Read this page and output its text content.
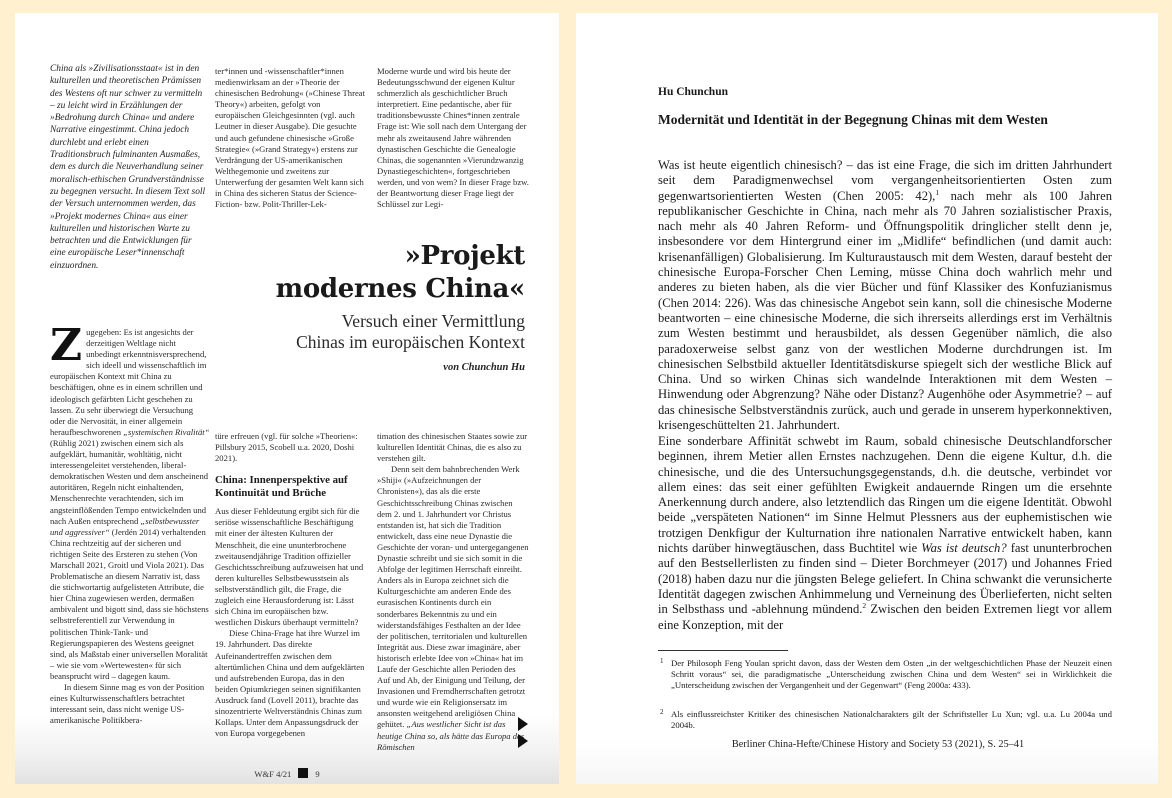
China als »Zivilisationsstaat« ist in den kulturellen und theoretischen Prämissen des Westens oft nur schwer zu vermitteln – zu leicht wird in Erzählungen der »Bedrohung durch China« und andere Narrative eingestimmt. China jedoch durchlebt und erlebt einen Traditionsbruch fulminanten Ausmaßes, dem es durch die Neuverhandlung seiner moralisch-ethischen Grundverständnisse zu begegnen versucht. In diesem Text soll der Versuch unternommen werden, das »Projekt modernes China« aus einer kulturellen und historischen Warte zu betrachten und die Entwicklungen für eine europäische Leser*innenschaft einzuordnen.
ter*innen und -wissenschaftler*innen medienwirksam an der »Theorie der chinesischen Bedrohung« (»Chinese Threat Theory«) arbeiten, gefolgt von europäischen Gleichgesinnten (vgl. auch Leutner in dieser Ausgabe). Die gesuchte und auch gefundene chinesische »Große Strategie« (»Grand Strategy«) erstens zur Verdrängung der US-amerikanischen Welthegemonie und zweitens zur Unterwerfung der gesamten Welt kann sich in China des sicheren Status der Science-Fiction- bzw. Polit-Thriller-Lek-
Moderne wurde und wird bis heute der Bedeutungsschwund der eigenen Kultur schmerzlich als geschichtlicher Bruch interpretiert. Eine pedantische, aber für traditionsbewusste Chines*innen zentrale Frage ist: Wie soll nach dem Untergang der mehr als zweitausend Jahre währenden dynastischen Geschichte die Genealogie Chinas, die sogenannten »Vierundzwanzig Dynastiegeschichten«, fortgeschrieben werden, und von wem? In dieser Frage bzw. der Beantwortung dieser Frage liegt der Schlüssel zur Legi-
»Projekt
modernes China«
Versuch einer Vermittlung
Chinas im europäischen Kontext
von Chunchun Hu

Zugegeben: Es ist angesichts der derzeitigen Weltlage nicht unbedingt erkenntnisversprechend, sich ideell und wissenschaftlich im europäischen Kontext mit China zu beschäftigen, ohne es in einem schrillen und ideologisch gefärbten Licht geschehen zu lassen. Zu sehr überwiegt die Versuchung oder die Nervosität, in einer allgemein heraufbeschworenen „systemischen Rivalität“ (Rühlig 2021) zwischen einem sich als aufgeklärt, humanitär, wohltätig, nicht interessengeleitet verstehenden, liberal-demokratischen Westen und dem anscheinend autoritären, Regeln nicht einhaltenden, Menschenrechte verachtenden, sich im angsteinflößenden Tempo entwickelnden und nach Außen entsprechend „selbstbewusster und aggressiver“ (Jerdén 2014) verhaltenden China rechtzeitig auf der sicheren und richtigen Seite des Ersteren zu stehen (Von Marschall 2021, Groitl und Viola 2021). Das Problematische an diesem Narrativ ist, dass die stichwortartig aufgelisteten Attribute, die hier China zugewiesen werden, dermaßen ambivalent und bigott sind, dass sie höchstens selbstreferentiell zur Verwendung in politischen Think-Tank- und Regierungspapieren des Westens geeignet sind, als Maßstab einer universellen Moralität – wie sie vom »Wertewesten« für sich beansprucht wird – dagegen kaum.

In diesem Sinne mag es von der Position eines Kulturwissenschaftlers betrachtet interessant sein, dass nicht wenige US-amerikanische Politikbera-

türe erfreuen (vgl. für solche »Theorien«: Pillsbury 2015, Scobell u.a. 2020, Doshi 2021).

China: Innenperspektive auf Kontinuität und Brüche

Aus dieser Fehldeutung ergibt sich für die seriöse wissenschaftliche Beschäftigung mit einer der ältesten Kulturen der Menschheit, die eine ununterbrochene zweitausendjährige Tradition offizieller Geschichtsschreibung aufzuweisen hat und deren kulturelles Selbstbewusstsein als selbstverständlich gilt, die Frage, die zugleich eine Herausforderung ist: Lässt sich China im europäischen bzw. westlichen Diskurs überhaupt vermitteln?

Diese China-Frage hat ihre Wurzel im 19. Jahrhundert. Das direkte Aufeinandertreffen zwischen dem altertümlichen China und dem aufgeklärten und aufstrebenden Europa, das in den beiden Opiumkriegen seinen signifikanten Ausdruck fand (Lovell 2011), brachte das sinozentrierte Weltverständnis Chinas zum Kollaps. Unter dem Anpassungsdruck der von Europa vorgegebenen

timation des chinesischen Staates sowie zur kulturellen Identität Chinas, die es also zu verstehen gilt.

Denn seit dem bahnbrechenden Werk »Shiji« (»Aufzeichnungen der Chronisten«), das als die erste Geschichtsschreibung Chinas zwischen dem 2. und 1. Jahrhundert vor Christus entstanden ist, hat sich die Tradition entwickelt, dass eine neue Dynastie die Geschichte der voran- und untergegangenen Dynastie schreibt und sie sich somit in die Abfolge der legitimen Herrschaft einreiht. Anders als in Europa zeichnet sich die Kulturgeschichte am anderen Ende des eurasischen Kontinents durch ein sonderbares Bekenntnis zu und ein widerstandsfähiges Festhalten an der Idee der politischen, territorialen und kulturellen Integrität aus. Diese zwar imaginäre, aber historisch erlebte Idee von »China« hat im Laufe der Geschichte allen Perioden des Auf und Ab, der Einigung und Teilung, der Invasionen und Fremdherrschaften getrotzt und wurde wie ein Religionsersatz im ansonsten weitgehend areligiösen China gehütet. „Aus westlicher Sicht ist das heutige China so, als hätte das Europa des Römischen

W&F 4/21	9
Hu Chunchun
Modernität und Identität in der Begegnung Chinas mit dem Westen

Was ist heute eigentlich chinesisch? – das ist eine Frage, die sich im dritten Jahrhundert seit dem Paradigmenwechsel vom vergangenheitsorientierten Osten zum gegenwartsorientierten Westen (Chen 2005: 42),$^1$ nach mehr als 100 Jahren republikanischer Geschichte in China, nach mehr als 70 Jahren sozialistischer Praxis, nach mehr als 40 Jahren Reform- und Öffnungspolitik dringlicher stellt denn je, insbesondere vor dem Hintergrund einer im „Midlife“ befindlichen (und damit auch: krisenanfälligen) Globalisierung. Im Kulturaustausch mit dem Westen, darauf besteht der chinesische Europa-Forscher Chen Leming, müsse China doch wahrlich mehr und anderes zu bieten haben, als die vier Bücher und fünf Klassiker des Konfuzianismus (Chen 2014: 226). Was das chinesische Angebot sein kann, soll die chinesische Moderne beantworten – eine chinesische Moderne, die sich ihrerseits allerdings erst im Verhältnis zum Westen bestimmt und herausbildet, als dessen Gegenüber nämlich, die also paradoxerweise selbst ganz von der westlichen Moderne durchdrungen ist. Im chinesischen Selbstbild aktueller Identitätsdiskurse spiegelt sich der westliche Blick auf China. Und so wirken Chinas sich wandelnde Interaktionen mit dem Westen – Hinwendung oder Abgrenzung? Nähe oder Distanz? Augenhöhe oder Asymmetrie? – auf das chinesische Selbstverständnis zurück, auch und gerade in unserem hyperkonnektiven, krisengeschüttelten 21. Jahrhundert.

Eine sonderbare Affinität schwebt im Raum, sobald chinesische Deutschlandforscher beginnen, ihrem Metier allen Ernstes nachzugehen. Denn die eigene Kultur, d.h. die chinesische, und die des Untersuchungsgegenstands, d.h. die deutsche, verbindet vor allem eines: das seit einer gefühlten Ewigkeit andauernde Ringen um die ersehnte Anerkennung durch andere, also letztendlich das Ringen um die eigene Identität. Obwohl beide „verspäteten Nationen“ im Sinne Helmut Plessners aus der euphemistischen wie trotzigen Denkfigur der Kulturnation ihre nationalen Narrative entwickelt haben, kann nichts darüber hinwegtäuschen, dass Buchtitel wie Was ist deutsch? fast ununterbrochen auf den Bestsellerlisten zu finden sind – Dieter Borchmeyer (2017) und Johannes Fried (2018) haben dazu nur die jüngsten Belege geliefert. In China schwankt die verunsicherte Identität dagegen zwischen Anhimmelung und Verneinung des Überlieferten, nicht selten in Selbsthass und -ablehnung mündend.$^2$ Zwischen den beiden Extremen liegt vor allem eine Konzeption, mit der

1 Der Philosoph Feng Youlan spricht davon, dass der Westen dem Osten „in der weltgeschichtlichen Phase der Neuzeit einen Schritt voraus“ sei, die paradigmatische „Unterscheidung zwischen China und dem Westen“ sei in Wirklichkeit die „Unterscheidung zwischen der Vergangenheit und der Gegenwart“ (Feng 2000a: 433).
2 Als einflussreichster Kritiker des chinesischen Nationalcharakters gilt der Schriftsteller Lu Xun; vgl. u.a. Lu 2004a und 2004b.
Berliner China-Hefte/Chinese History and Society 53 (2021), S. 25–41
